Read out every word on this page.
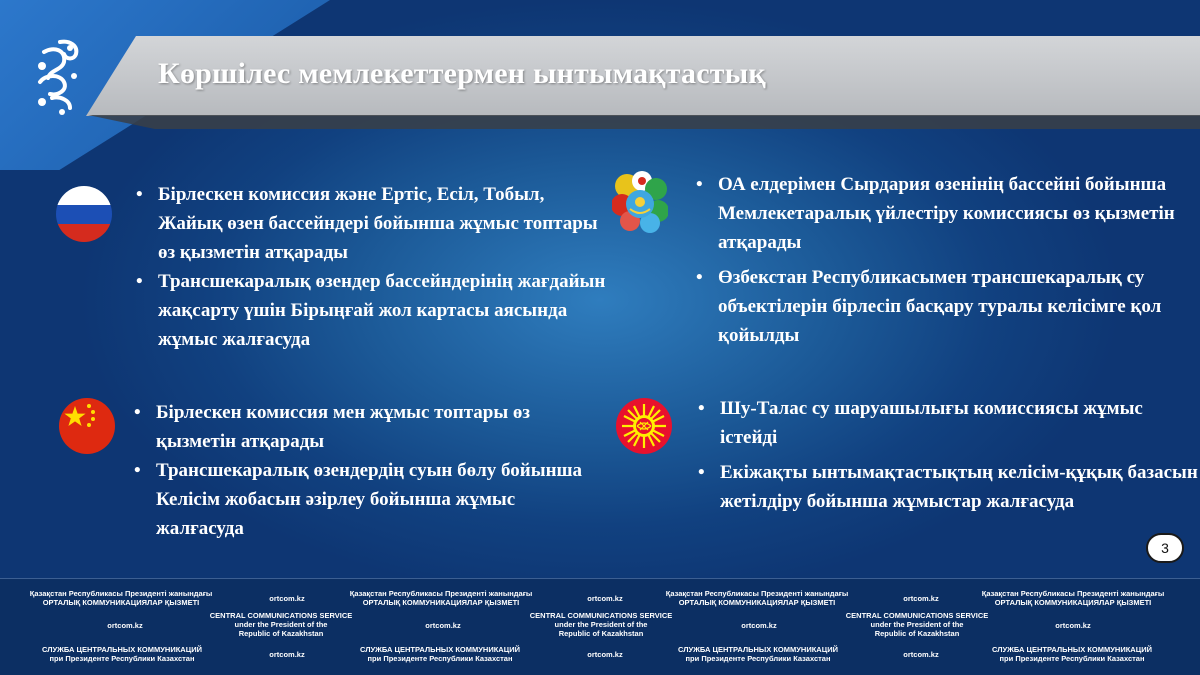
Көршілес мемлекеттермен ынтымақтастық
• Бірлескен комиссия және Ертіс, Есіл, Тобыл, Жайық өзен бассейндері бойынша жұмыс топтары өз қызметін атқарады
• Трансшекаралық өзендер бассейндерінің жағдайын жақсарту үшін Бірыңғай жол картасы аясында жұмыс жалғасуда
• ОА елдерімен Сырдария өзенінің бассейні бойынша Мемлекетаралық үйлестіру комиссиясы өз қызметін атқарады
• Өзбекстан Республикасымен трансшекаралық су объектілерін бірлесіп басқару туралы келісімге қол қойылды
• Бірлескен комиссия мен жұмыс топтары өз қызметін атқарады
• Трансшекаралық өзендердің суын бөлу бойынша Келісім жобасын әзірлеу бойынша жұмыс жалғасуда
• Шу-Талас су шаруашылығы комиссиясы жұмыс істейді
• Екіжақты ынтымақтастықтың келісім-құқық базасын жетілдіру бойынша жұмыстар жалғасуда
3
Қазақстан Республикасы Президенті жанындағы
ОРТАЛЫҚ КОММУНИКАЦИЯЛАР ҚЫЗМЕТІ	ortcom.kz
Қазақстан Республикасы Президенті жанындағы
ОРТАЛЫҚ КОММУНИКАЦИЯЛАР ҚЫЗМЕТІ	ortcom.kz
Қазақстан Республикасы Президенті жанындағы
ОРТАЛЫҚ КОММУНИКАЦИЯЛАР ҚЫЗМЕТІ	ortcom.kz
Қазақстан Республикасы Президенті жанындағы
ОРТАЛЫҚ КОММУНИКАЦИЯЛАР ҚЫЗМЕТІ
ortcom.kz
CENTRAL COMMUNICATIONS SERVICE
under the President of the
Republic of Kazakhstan
ortcom.kz
CENTRAL COMMUNICATIONS SERVICE
under the President of the
Republic of Kazakhstan
ortcom.kz
CENTRAL COMMUNICATIONS SERVICE
under the President of the
Republic of Kazakhstan
ortcom.kz
СЛУЖБА ЦЕНТРАЛЬНЫХ КОММУНИКАЦИЙ
при Президенте Республики Казахстан	ortcom.kz
СЛУЖБА ЦЕНТРАЛЬНЫХ КОММУНИКАЦИЙ
при Президенте Республики Казахстан	ortcom.kz
СЛУЖБА ЦЕНТРАЛЬНЫХ КОММУНИКАЦИЙ
при Президенте Республики Казахстан	ortcom.kz
СЛУЖБА ЦЕНТРАЛЬНЫХ КОММУНИКАЦИЙ
при Президенте Республики Казахстан
